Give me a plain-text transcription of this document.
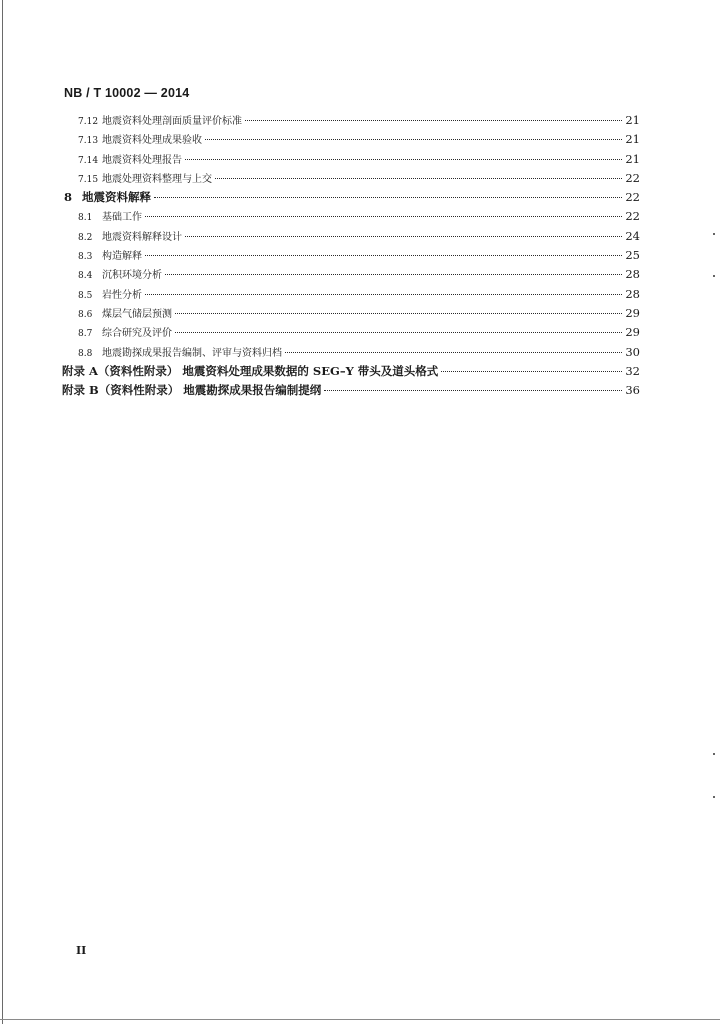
NB / T 10002 — 2014
7.12 地震资料处理剖面质量评价标准	21
7.13 地震资料处理成果验收	21
7.14 地震资料处理报告	21
7.15 地震处理资料整理与上交	22
8 地震资料解释	22
8.1 基础工作	22
8.2 地震资料解释设计	24
8.3 构造解释	25
8.4 沉积环境分析	28
8.5 岩性分析	28
8.6 煤层气储层预测	29
8.7 综合研究及评价	29
8.8 地震勘探成果报告编制、评审与资料归档	30
附录 A（资料性附录） 地震资料处理成果数据的 SEG–Y 带头及道头格式	32
附录 B（资料性附录） 地震勘探成果报告编制提纲	36
II
